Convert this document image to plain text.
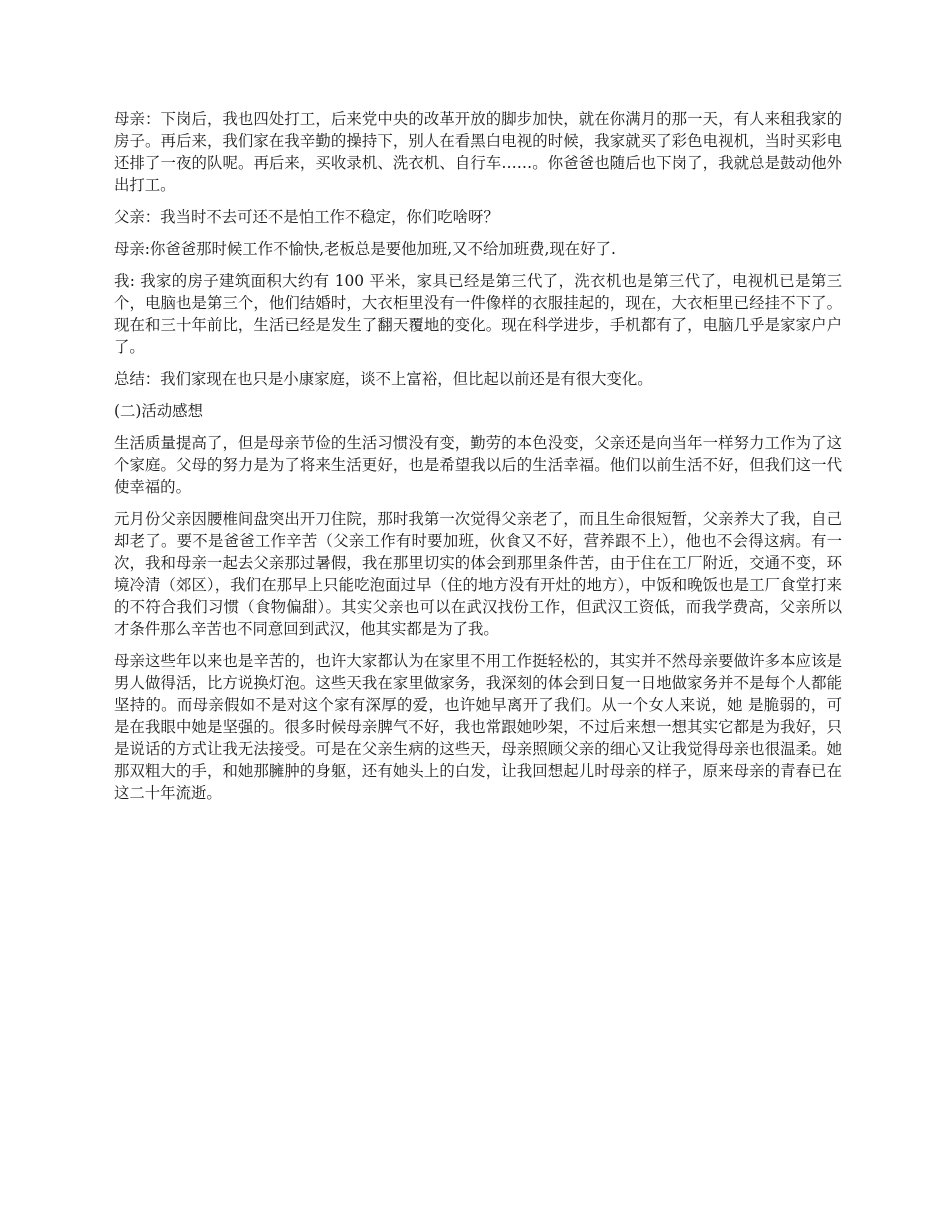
母亲：下岗后，我也四处打工，后来党中央的改革开放的脚步加快，就在你满月的那一天，有人来租我家的房子。再后来，我们家在我辛勤的操持下，别人在看黑白电视的时候，我家就买了彩色电视机，当时买彩电还排了一夜的队呢。再后来，买收录机、洗衣机、自行车……。你爸爸也随后也下岗了，我就总是鼓动他外出打工。

父亲：我当时不去可还不是怕工作不稳定，你们吃啥呀？

母亲:你爸爸那时候工作不愉快,老板总是要他加班,又不给加班费,现在好了.

我: 我家的房子建筑面积大约有 100 平米，家具已经是第三代了，洗衣机也是第三代了，电视机已是第三个，电脑也是第三个，他们结婚时，大衣柜里没有一件像样的衣服挂起的，现在，大衣柜里已经挂不下了。现在和三十年前比，生活已经是发生了翻天覆地的变化。现在科学进步，手机都有了，电脑几乎是家家户户了。

总结：我们家现在也只是小康家庭，谈不上富裕，但比起以前还是有很大变化。

(二)活动感想

生活质量提高了，但是母亲节俭的生活习惯没有变，勤劳的本色没变，父亲还是向当年一样努力工作为了这个家庭。父母的努力是为了将来生活更好，也是希望我以后的生活幸福。他们以前生活不好，但我们这一代使幸福的。

元月份父亲因腰椎间盘突出开刀住院，那时我第一次觉得父亲老了，而且生命很短暂，父亲养大了我，自己却老了。要不是爸爸工作辛苦（父亲工作有时要加班，伙食又不好，营养跟不上），他也不会得这病。有一次，我和母亲一起去父亲那过暑假，我在那里切实的体会到那里条件苦，由于住在工厂附近，交通不变，环境冷清（郊区），我们在那早上只能吃泡面过早（住的地方没有开灶的地方），中饭和晚饭也是工厂食堂打来的不符合我们习惯（食物偏甜）。其实父亲也可以在武汉找份工作，但武汉工资低，而我学费高，父亲所以才条件那么辛苦也不同意回到武汉，他其实都是为了我。

母亲这些年以来也是辛苦的，也许大家都认为在家里不用工作挺轻松的，其实并不然母亲要做许多本应该是男人做得活，比方说换灯泡。这些天我在家里做家务，我深刻的体会到日复一日地做家务并不是每个人都能坚持的。而母亲假如不是对这个家有深厚的爱，也许她早离开了我们。从一个女人来说，她 是脆弱的，可是在我眼中她是坚强的。很多时候母亲脾气不好，我也常跟她吵架，不过后来想一想其实它都是为我好，只是说话的方式让我无法接受。可是在父亲生病的这些天，母亲照顾父亲的细心又让我觉得母亲也很温柔。她那双粗大的手，和她那臃肿的身躯，还有她头上的白发，让我回想起儿时母亲的样子，原来母亲的青春已在这二十年流逝。
